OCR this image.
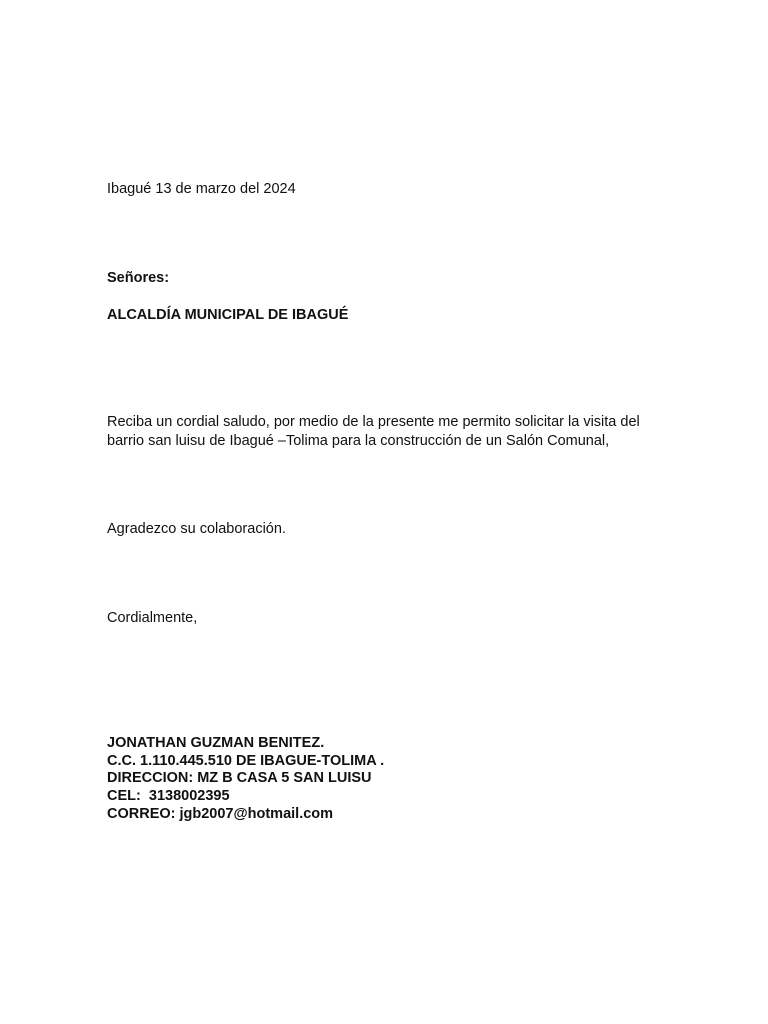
Ibagué 13 de marzo del 2024
Señores:
ALCALDÍA MUNICIPAL DE IBAGUÉ
Reciba un cordial saludo, por medio de la presente me permito solicitar la visita del
barrio san luisu de Ibagué –Tolima para la construcción de un Salón Comunal,
Agradezco su colaboración.
Cordialmente,
JONATHAN GUZMAN BENITEZ.
C.C. 1.110.445.510 DE IBAGUE-TOLIMA .
DIRECCION: MZ B CASA 5 SAN LUISU
CEL:  3138002395
CORREO: jgb2007@hotmail.com
